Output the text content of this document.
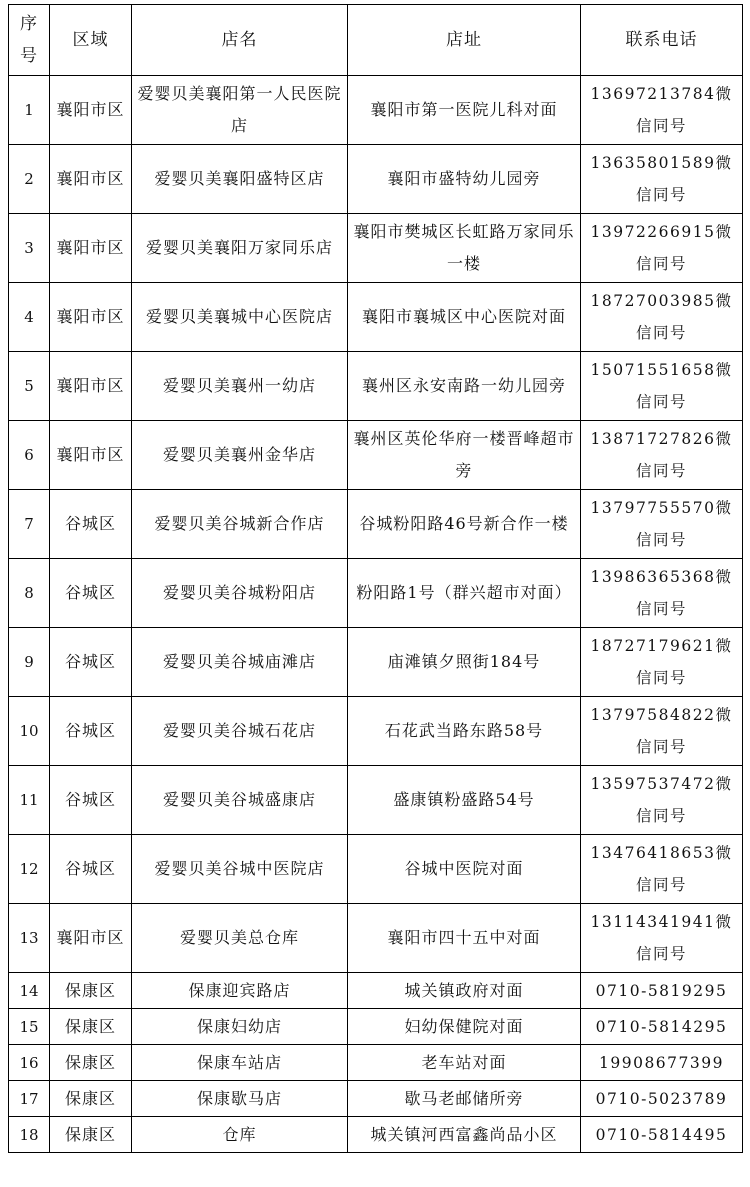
序号	区域	店名	店址	联系电话
1	襄阳市区	爱婴贝美襄阳第一人民医院店	襄阳市第一医院儿科对面	13697213784微信同号
2	襄阳市区	爱婴贝美襄阳盛特区店	襄阳市盛特幼儿园旁	13635801589微信同号
3	襄阳市区	爱婴贝美襄阳万家同乐店	襄阳市樊城区长虹路万家同乐一楼	13972266915微信同号
4	襄阳市区	爱婴贝美襄城中心医院店	襄阳市襄城区中心医院对面	18727003985微信同号
5	襄阳市区	爱婴贝美襄州一幼店	襄州区永安南路一幼儿园旁	15071551658微信同号
6	襄阳市区	爱婴贝美襄州金华店	襄州区英伦华府一楼晋峰超市旁	13871727826微信同号
7	谷城区	爱婴贝美谷城新合作店	谷城粉阳路46号新合作一楼	13797755570微信同号
8	谷城区	爱婴贝美谷城粉阳店	粉阳路1号（群兴超市对面）	13986365368微信同号
9	谷城区	爱婴贝美谷城庙滩店	庙滩镇夕照街184号	18727179621微信同号
10	谷城区	爱婴贝美谷城石花店	石花武当路东路58号	13797584822微信同号
11	谷城区	爱婴贝美谷城盛康店	盛康镇粉盛路54号	13597537472微信同号
12	谷城区	爱婴贝美谷城中医院店	谷城中医院对面	13476418653微信同号
13	襄阳市区	爱婴贝美总仓库	襄阳市四十五中对面	13114341941微信同号
14	保康区	保康迎宾路店	城关镇政府对面	0710-5819295
15	保康区	保康妇幼店	妇幼保健院对面	0710-5814295
16	保康区	保康车站店	老车站对面	19908677399
17	保康区	保康歇马店	歇马老邮储所旁	0710-5023789
18	保康区	仓库	城关镇河西富鑫尚品小区	0710-5814495
